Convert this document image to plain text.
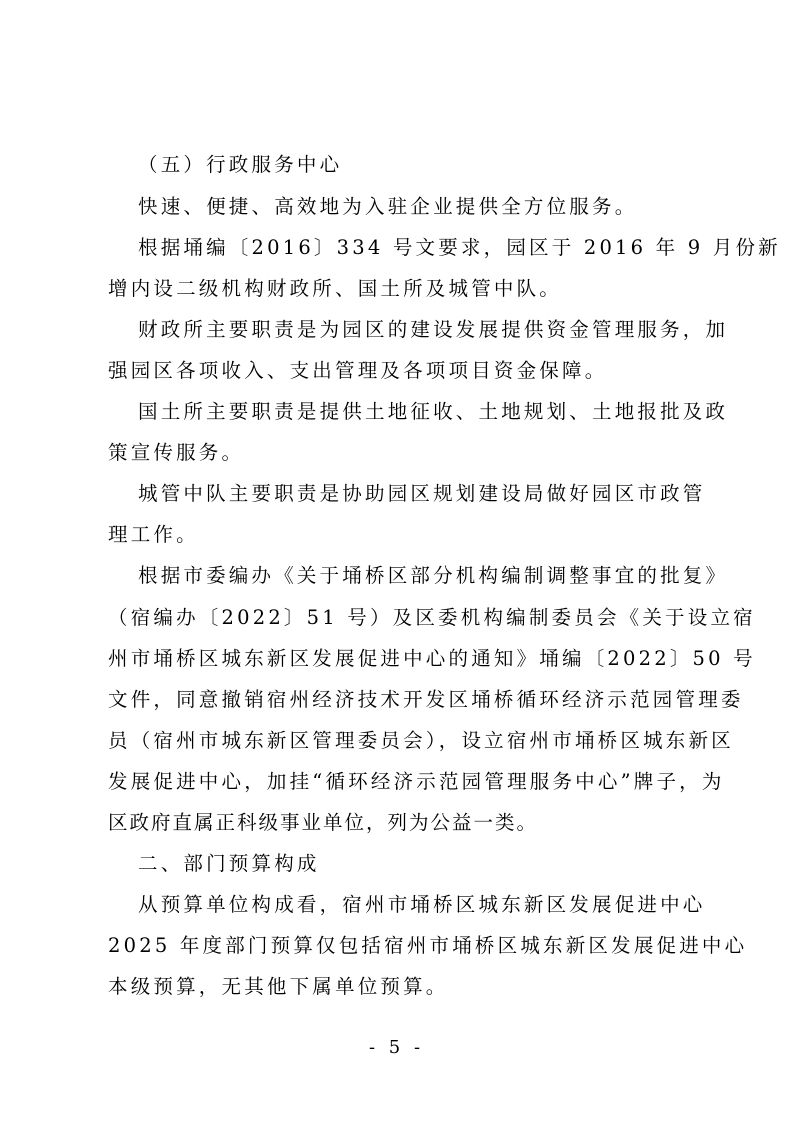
（五）行政服务中心
快速、便捷、高效地为入驻企业提供全方位服务。
根据埇编〔2016〕334 号文要求，园区于 2016 年 9 月份新
增内设二级机构财政所、国土所及城管中队。
财政所主要职责是为园区的建设发展提供资金管理服务，加
强园区各项收入、支出管理及各项项目资金保障。
国土所主要职责是提供土地征收、土地规划、土地报批及政
策宣传服务。
城管中队主要职责是协助园区规划建设局做好园区市政管
理工作。
根据市委编办《关于埇桥区部分机构编制调整事宜的批复》
（宿编办〔2022〕51 号）及区委机构编制委员会《关于设立宿
州市埇桥区城东新区发展促进中心的通知》埇编〔2022〕50 号
文件，同意撤销宿州经济技术开发区埇桥循环经济示范园管理委
员（宿州市城东新区管理委员会），设立宿州市埇桥区城东新区
发展促进中心，加挂“循环经济示范园管理服务中心”牌子，为
区政府直属正科级事业单位，列为公益一类。
二、部门预算构成
从预算单位构成看，宿州市埇桥区城东新区发展促进中心
2025 年度部门预算仅包括宿州市埇桥区城东新区发展促进中心
本级预算，无其他下属单位预算。
- 5 -
